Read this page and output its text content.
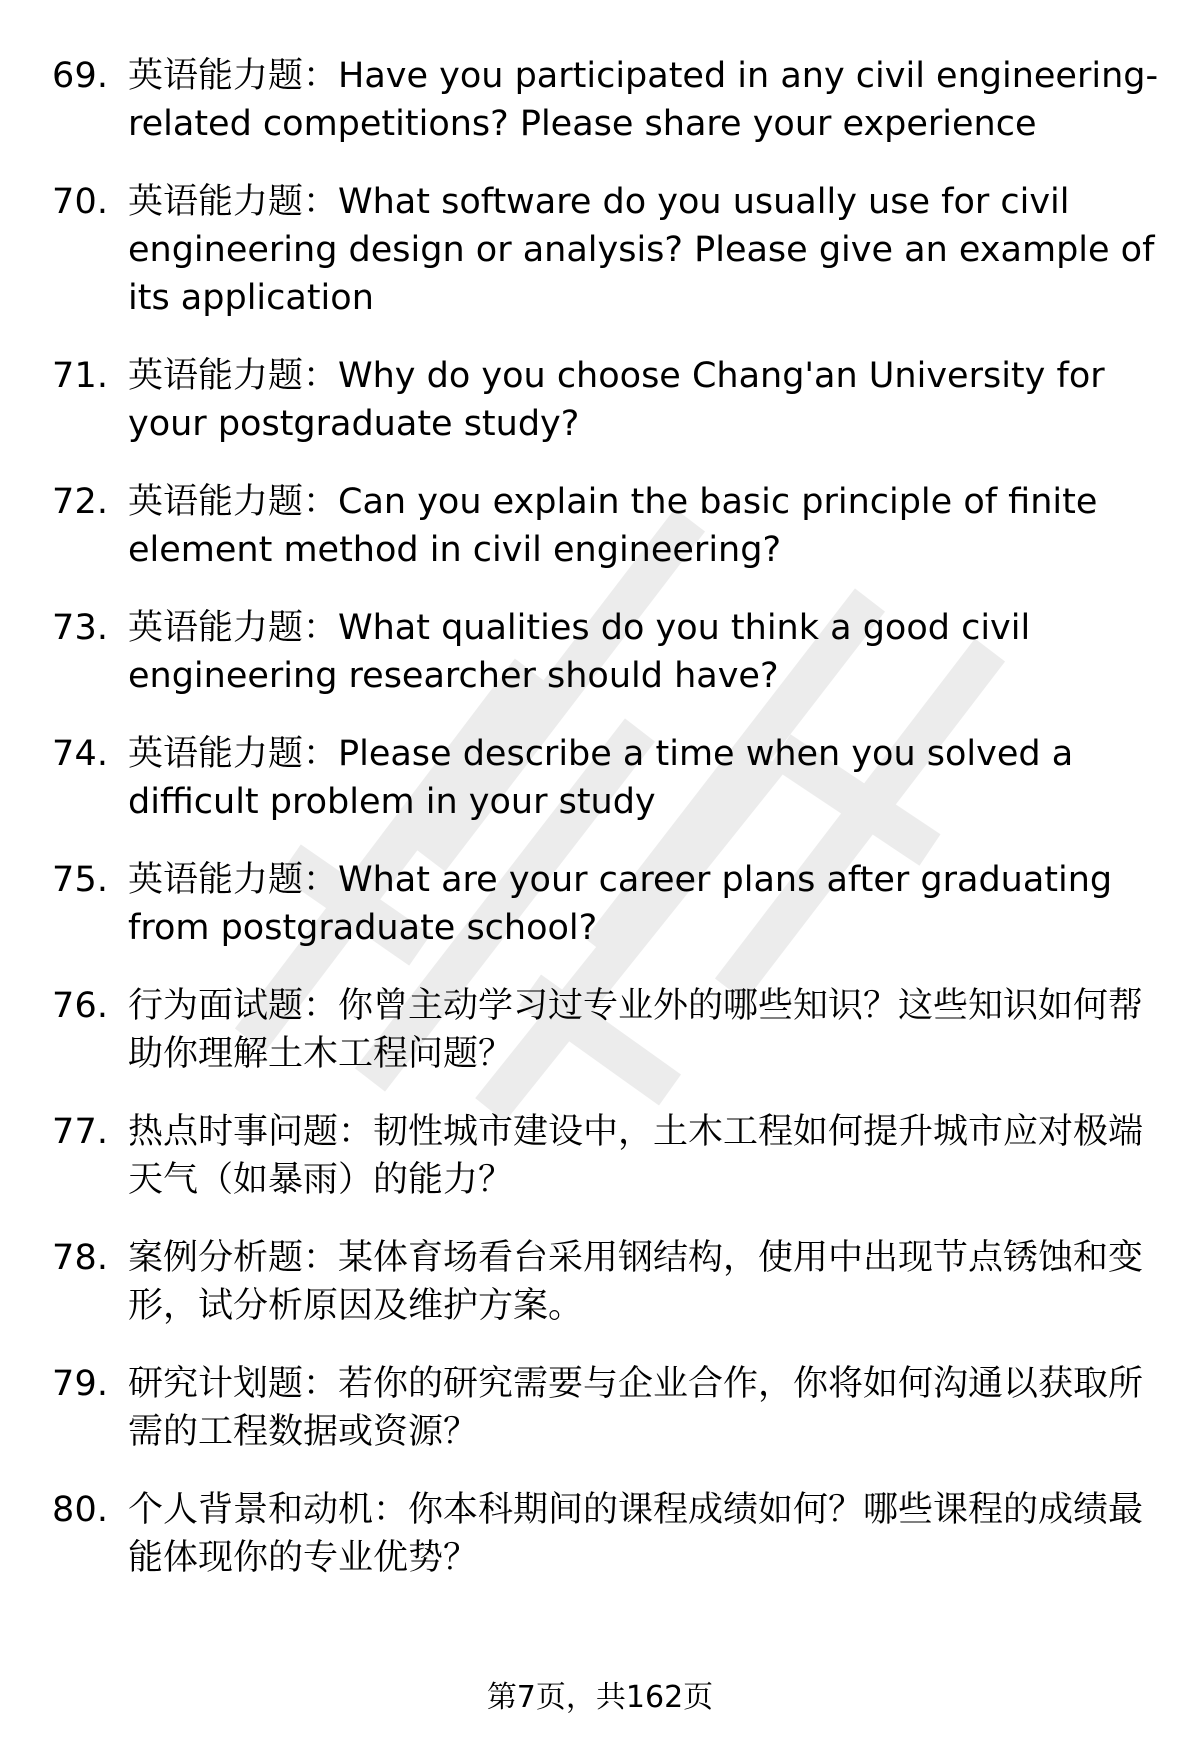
69. 英语能力题：Have you participated in any civil engineering-related competitions? Please share your experience
70. 英语能力题：What software do you usually use for civil engineering design or analysis? Please give an example of its application
71. 英语能力题：Why do you choose Chang'an University for your postgraduate study?
72. 英语能力题：Can you explain the basic principle of finite element method in civil engineering?
73. 英语能力题：What qualities do you think a good civil engineering researcher should have?
74. 英语能力题：Please describe a time when you solved a difficult problem in your study
75. 英语能力题：What are your career plans after graduating from postgraduate school?
76. 行为面试题：你曾主动学习过专业外的哪些知识？这些知识如何帮助你理解土木工程问题？
77. 热点时事问题：韧性城市建设中，土木工程如何提升城市应对极端天气（如暴雨）的能力？
78. 案例分析题：某体育场看台采用钢结构，使用中出现节点锈蚀和变形，试分析原因及维护方案。
79. 研究计划题：若你的研究需要与企业合作，你将如何沟通以获取所需的工程数据或资源？
80. 个人背景和动机：你本科期间的课程成绩如何？哪些课程的成绩最能体现你的专业优势？
第7页，共162页
